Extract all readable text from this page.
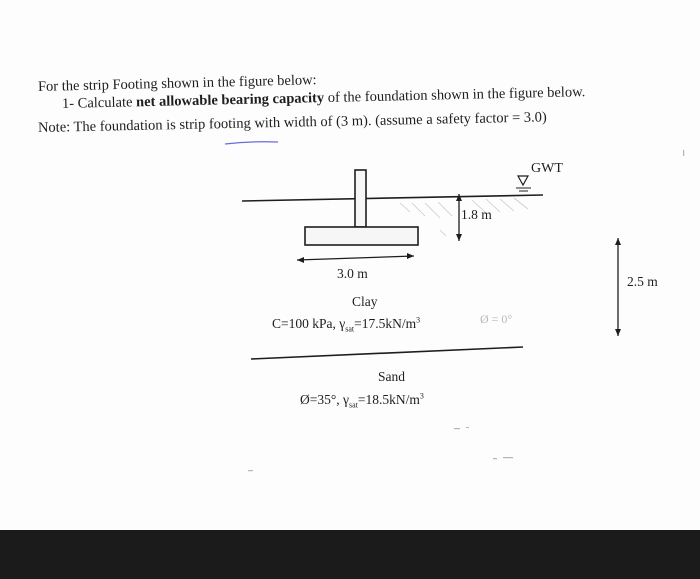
For the strip Footing shown in the figure below:
1- Calculate net allowable bearing capacity of the foundation shown in the figure below.
Note: The foundation is strip footing with width of (3 m). (assume a safety factor = 3.0)
3.0 m
1.8 m
GWT
2.5 m
Clay
C=100 kPa, $\gamma_{sat}=17.5kN/m^3$	Ø = 0°
Sand
Ø=35°, $\gamma_{sat}=18.5kN/m^3$
